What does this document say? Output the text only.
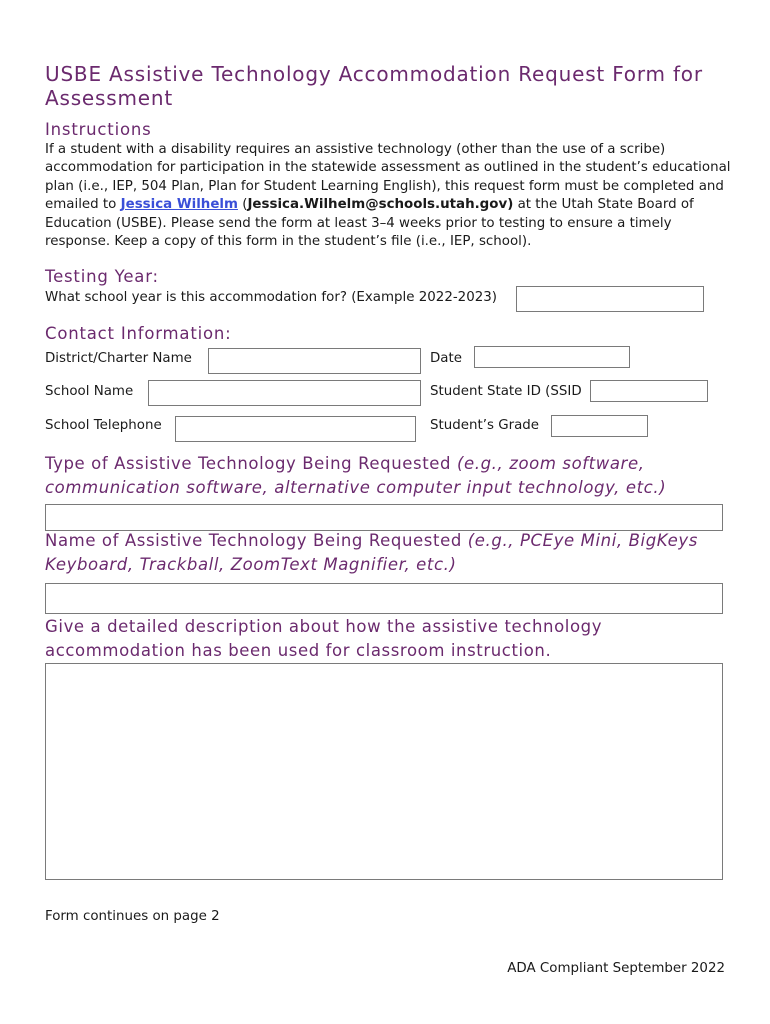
USBE Assistive Technology Accommodation Request Form for Assessment
Instructions
If a student with a disability requires an assistive technology (other than the use of a scribe) accommodation for participation in the statewide assessment as outlined in the student’s educational plan (i.e., IEP, 504 Plan, Plan for Student Learning English), this request form must be completed and emailed to Jessica Wilhelm (Jessica.Wilhelm@schools.utah.gov) at the Utah State Board of Education (USBE). Please send the form at least 3–4 weeks prior to testing to ensure a timely response. Keep a copy of this form in the student’s file (i.e., IEP, school).
Testing Year:
What school year is this accommodation for? (Example 2022-2023)
Contact Information:
District/Charter Name	Date
School Name	Student State ID (SSID
School Telephone	Student’s Grade
Type of Assistive Technology Being Requested (e.g., zoom software, communication software, alternative computer input technology, etc.)
Name of Assistive Technology Being Requested (e.g., PCEye Mini, BigKeys Keyboard, Trackball, ZoomText Magnifier, etc.)
Give a detailed description about how the assistive technology accommodation has been used for classroom instruction.
Form continues on page 2
ADA Compliant September 2022
